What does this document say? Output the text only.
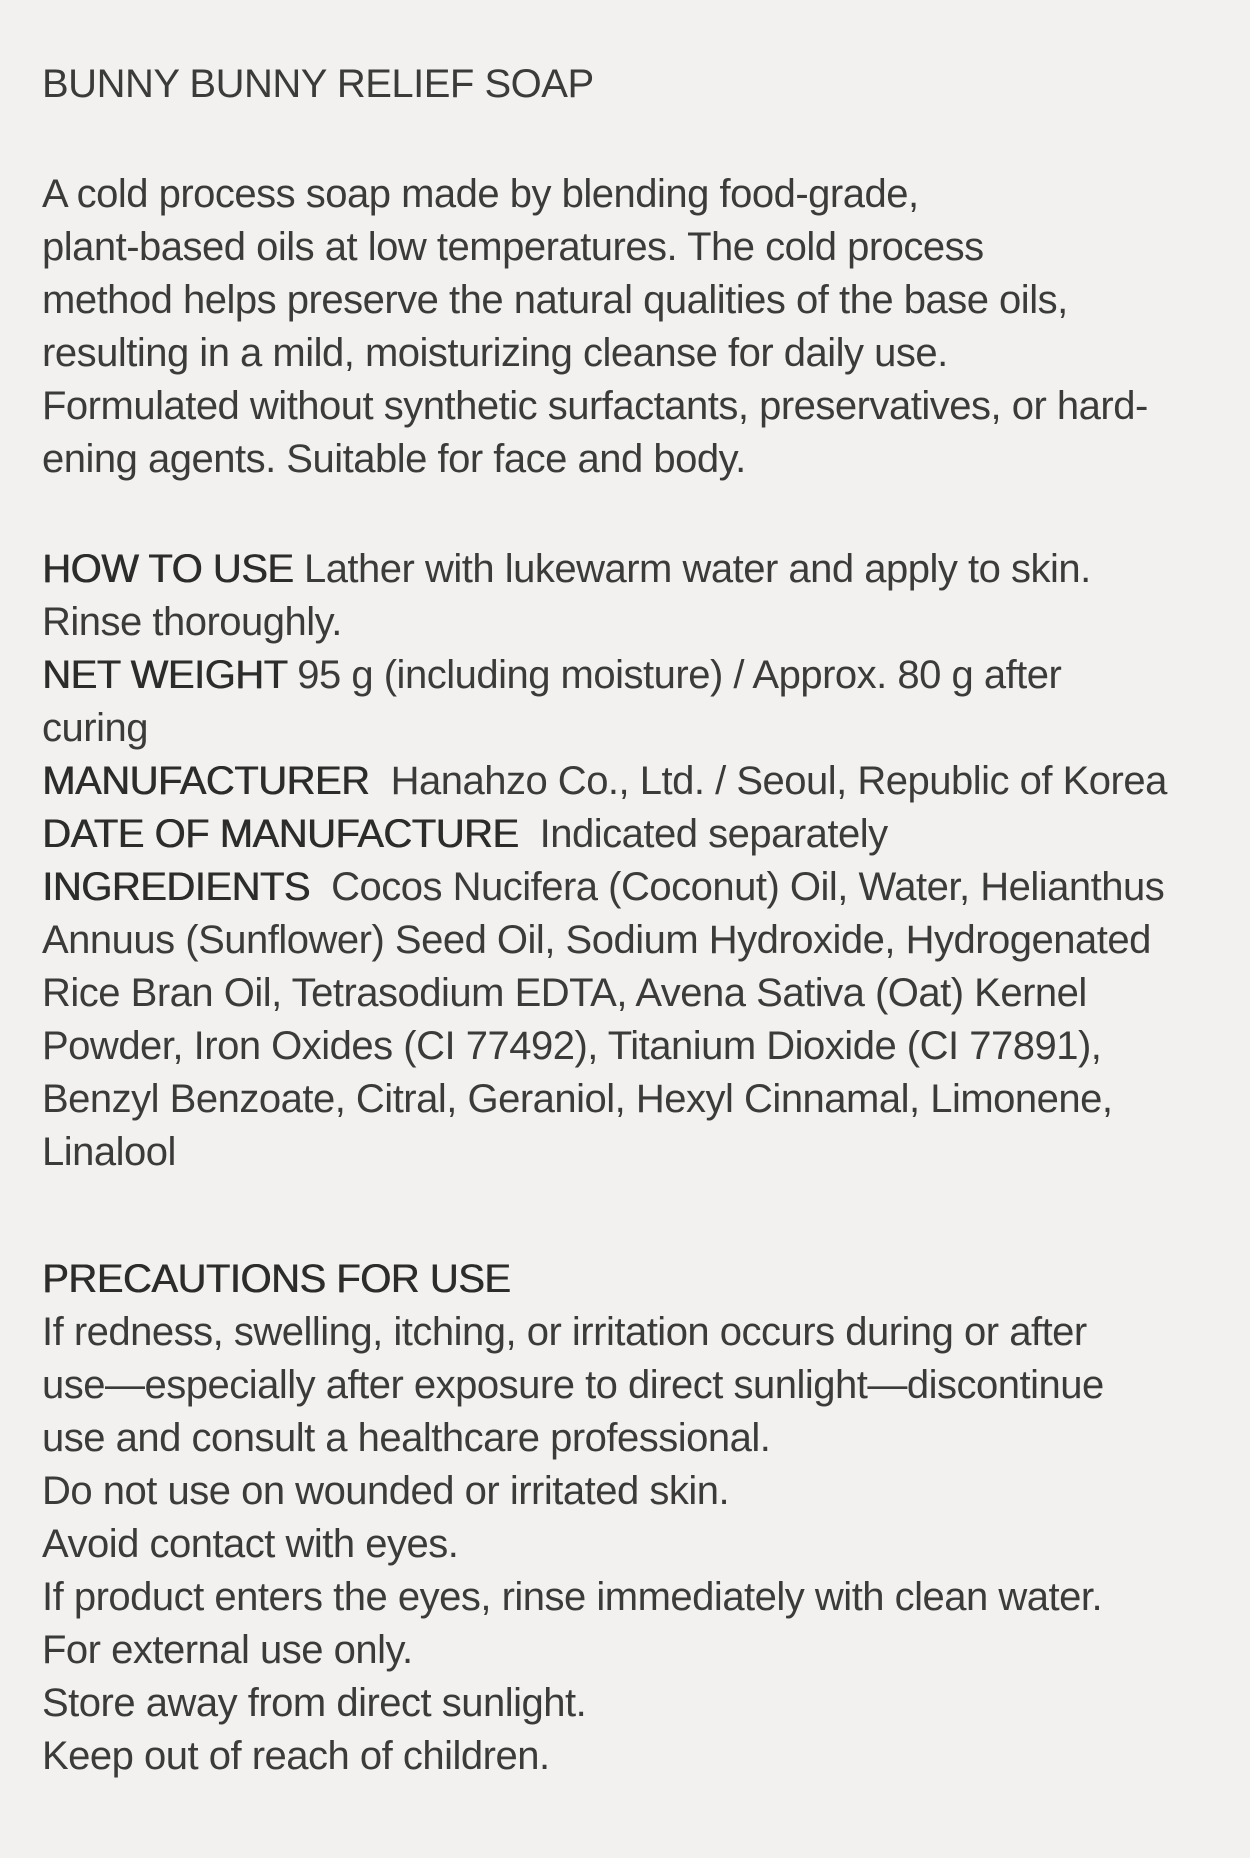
BUNNY BUNNY RELIEF SOAP
A cold process soap made by blending food-grade,
plant-based oils at low temperatures. The cold process
method helps preserve the natural qualities of the base oils,
resulting in a mild, moisturizing cleanse for daily use.
Formulated without synthetic surfactants, preservatives, or hard-
ening agents. Suitable for face and body.
HOW TO USE Lather with lukewarm water and apply to skin.
Rinse thoroughly.
NET WEIGHT 95 g (including moisture) / Approx. 80 g after
curing
MANUFACTURER  Hanahzo Co., Ltd. / Seoul, Republic of Korea
DATE OF MANUFACTURE  Indicated separately
INGREDIENTS  Cocos Nucifera (Coconut) Oil, Water, Helianthus
Annuus (Sunflower) Seed Oil, Sodium Hydroxide, Hydrogenated
Rice Bran Oil, Tetrasodium EDTA, Avena Sativa (Oat) Kernel
Powder, Iron Oxides (CI 77492), Titanium Dioxide (CI 77891),
Benzyl Benzoate, Citral, Geraniol, Hexyl Cinnamal, Limonene,
Linalool
PRECAUTIONS FOR USE
If redness, swelling, itching, or irritation occurs during or after
use—especially after exposure to direct sunlight—discontinue
use and consult a healthcare professional.
Do not use on wounded or irritated skin.
Avoid contact with eyes.
If product enters the eyes, rinse immediately with clean water.
For external use only.
Store away from direct sunlight.
Keep out of reach of children.
